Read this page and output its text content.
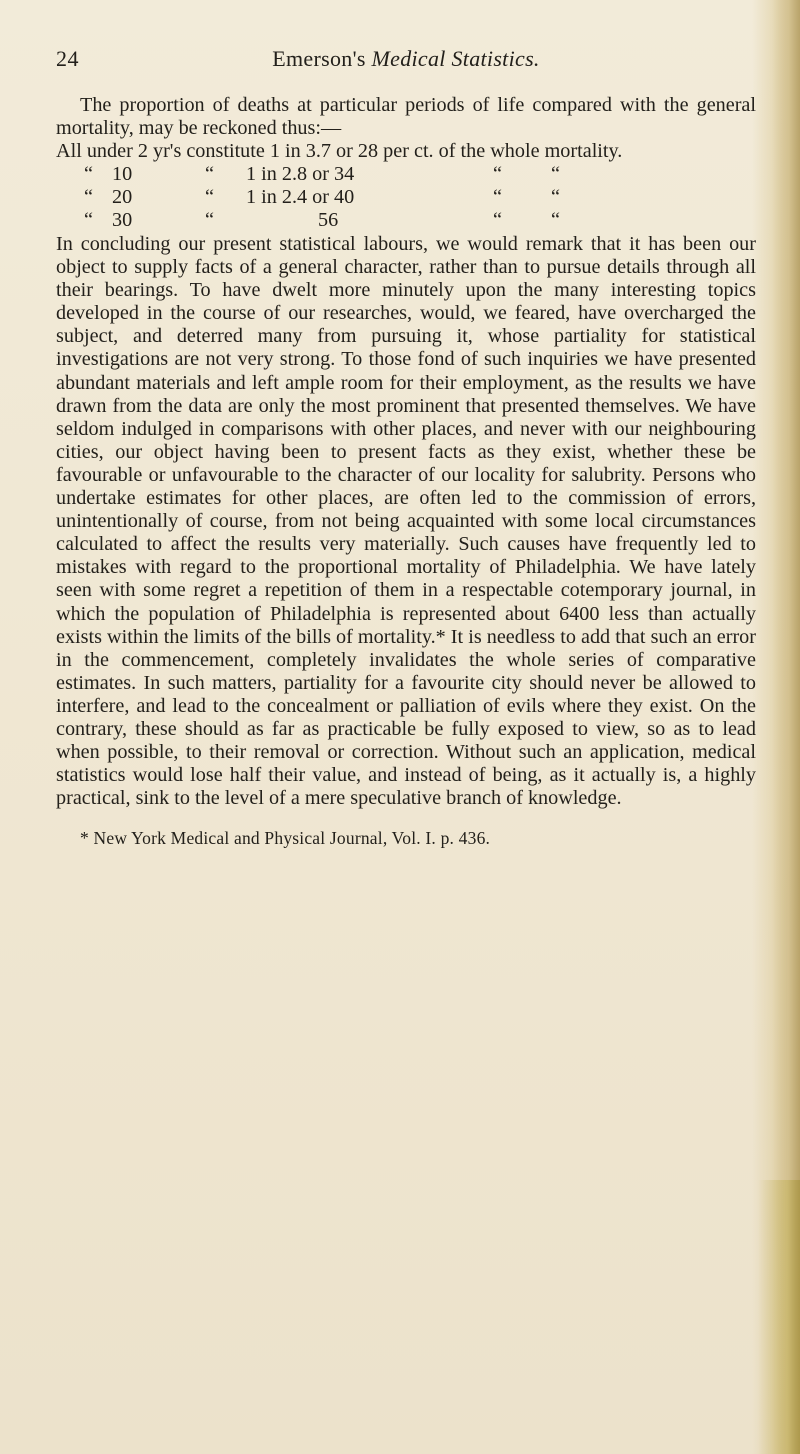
24	Emerson's Medical Statistics.

The proportion of deaths at particular periods of life compared with the general mortality, may be reckoned thus:—

All under 2 yr's constitute 1 in 3.7 or 28 per ct. of the whole mortality.
“ 10	“ 1 in 2.8 or 34	“ “
“ 20	“ 1 in 2.4 or 40	“ “
“ 30	“	56	“ “

In concluding our present statistical labours, we would remark that it has been our object to supply facts of a general character, rather than to pursue details through all their bearings. To have dwelt more minutely upon the many interesting topics developed in the course of our researches, would, we feared, have overcharged the subject, and deterred many from pursuing it, whose partiality for statistical investigations are not very strong. To those fond of such inquiries we have presented abundant materials and left ample room for their employment, as the results we have drawn from the data are only the most prominent that presented themselves. We have seldom indulged in comparisons with other places, and never with our neighbouring cities, our object having been to present facts as they exist, whether these be favourable or unfavourable to the character of our locality for salubrity. Persons who undertake estimates for other places, are often led to the commission of errors, unintentionally of course, from not being acquainted with some local circumstances calculated to affect the results very materially. Such causes have frequently led to mistakes with regard to the proportional mortality of Philadelphia. We have lately seen with some regret a repetition of them in a respectable cotemporary journal, in which the population of Philadelphia is represented about 6400 less than actually exists within the limits of the bills of mortality.* It is needless to add that such an error in the commencement, completely invalidates the whole series of comparative estimates. In such matters, partiality for a favourite city should never be allowed to interfere, and lead to the concealment or palliation of evils where they exist. On the contrary, these should as far as practicable be fully exposed to view, so as to lead when possible, to their removal or correction. Without such an application, medical statistics would lose half their value, and instead of being, as it actually is, a highly practical, sink to the level of a mere speculative branch of knowledge.

* New York Medical and Physical Journal, Vol. I. p. 436.
